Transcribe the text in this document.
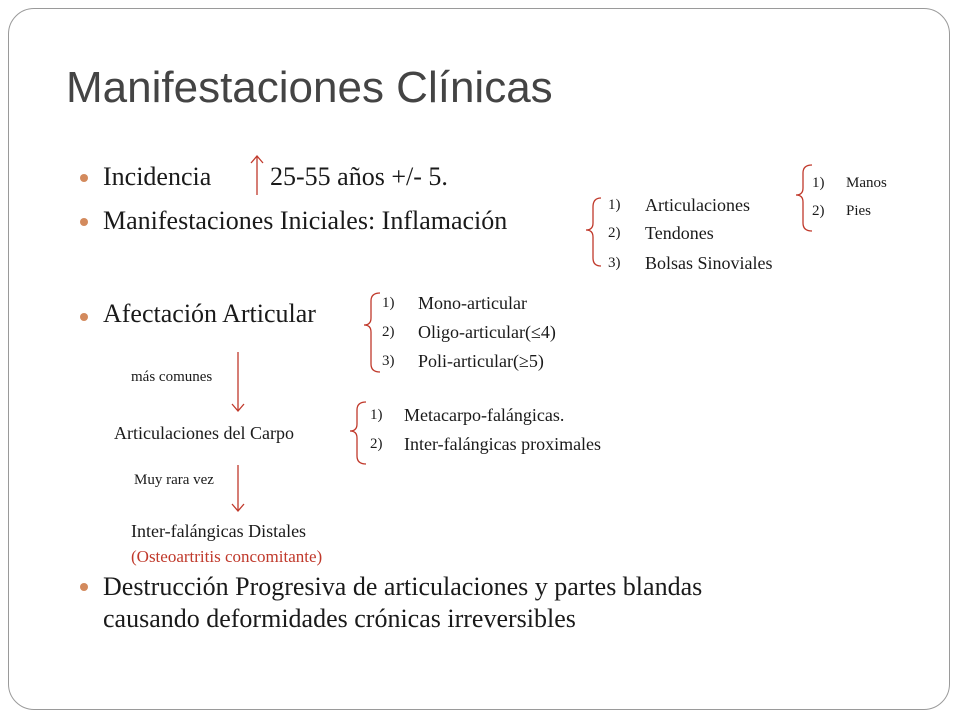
Manifestaciones Clínicas
Incidencia 25-55 años +/- 5.
Manifestaciones Iniciales: Inflamación
1) Articulaciones
2) Tendones
3) Bolsas Sinoviales
1) Manos
2) Pies
Afectación Articular	1) Mono-articular
2) Oligo-articular(≤4)
3) Poli-articular(≥5)
más comunes
Articulaciones del Carpo
Muy rara vez
Inter-falángicas Distales
(Osteoartritis concomitante)
1) Metacarpo-falángicas.
2) Inter-falángicas proximales
Destrucción Progresiva de articulaciones y partes blandas
causando deformidades crónicas irreversibles
